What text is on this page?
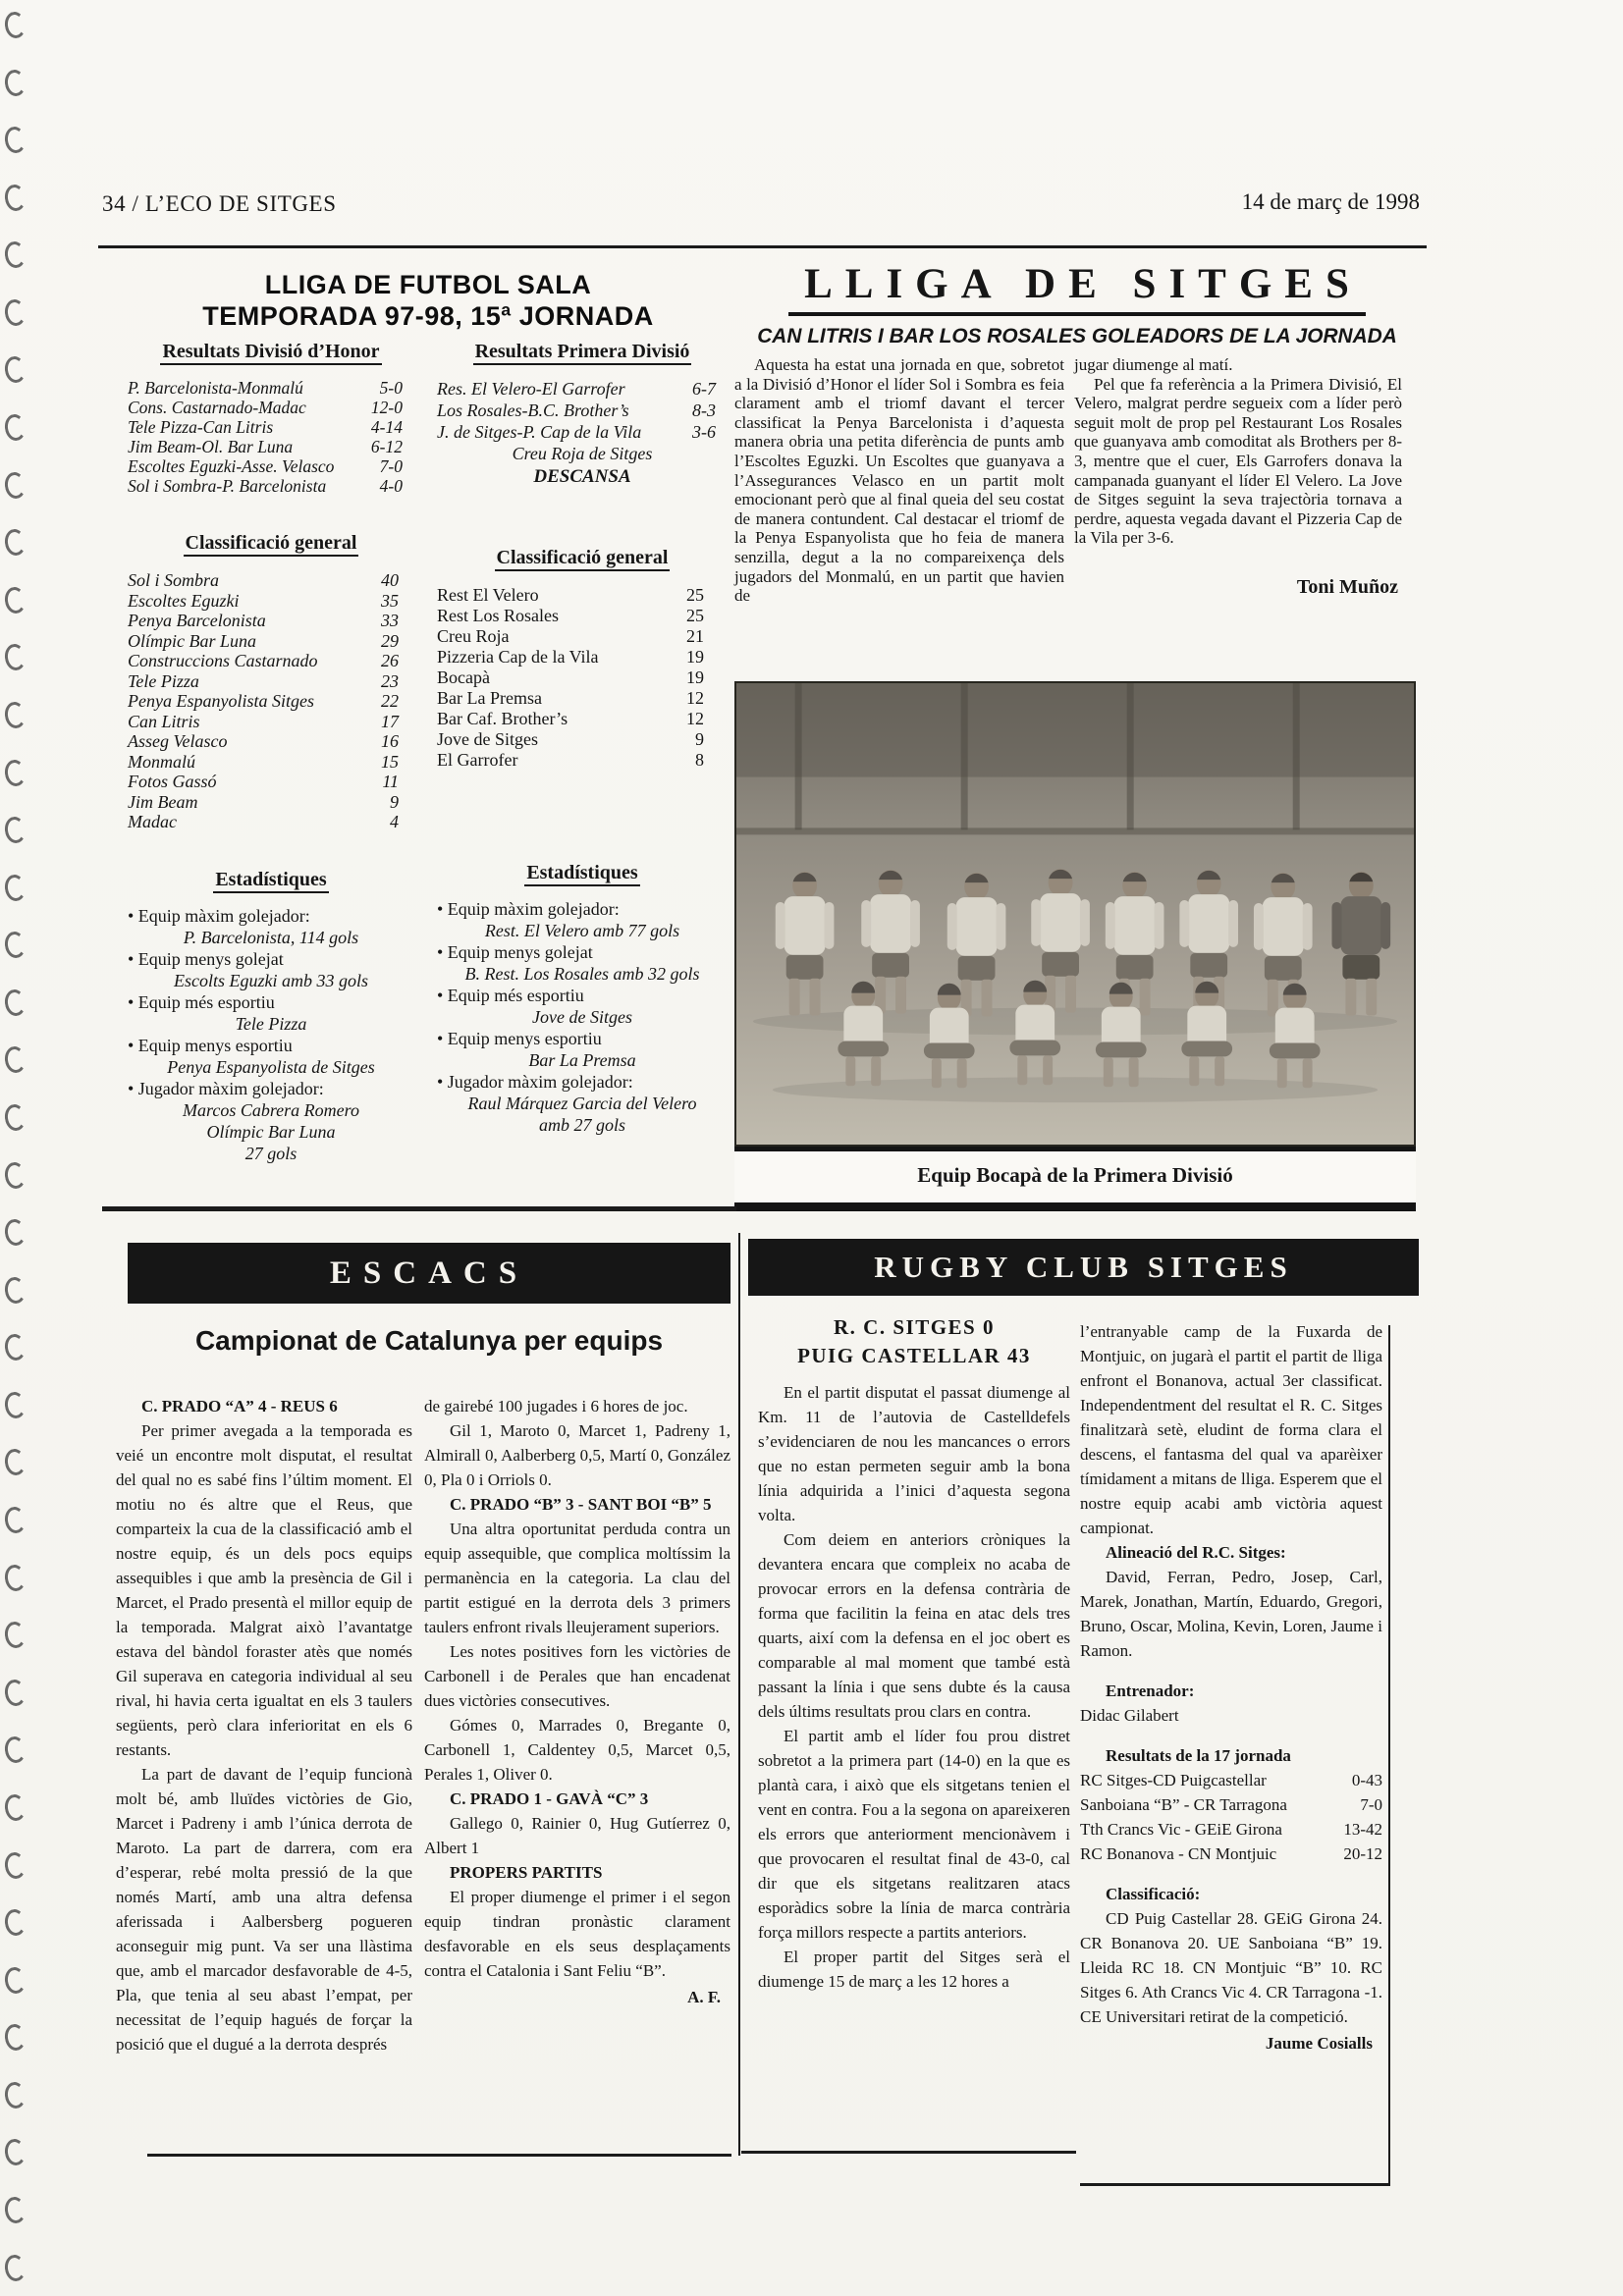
34 / L’ECO DE SITGES	14 de març de 1998
LLIGA DE FUTBOL SALA
TEMPORADA 97-98, 15ª JORNADA
Resultats Divisió d’Honor
P. Barcelonista-Monmalú	5-0
Cons. Castarnado-Madac	12-0
Tele Pizza-Can Litris	4-14
Jim Beam-Ol. Bar Luna	6-12
Escoltes Eguzki-Asse. Velasco	7-0
Sol i Sombra-P. Barcelonista	4-0
Classificació general
Sol i Sombra	40
Escoltes Eguzki	35
Penya Barcelonista	33
Olímpic Bar Luna	29
Construccions Castarnado	26
Tele Pizza	23
Penya Espanyolista Sitges	22
Can Litris	17
Asseg Velasco	16
Monmalú	15
Fotos Gassó	11
Jim Beam	9
Madac	4
Estadístiques
• Equip màxim golejador:
P. Barcelonista, 114 gols
• Equip menys golejat
Escolts Eguzki amb 33 gols
• Equip més esportiu
Tele Pizza
• Equip menys esportiu
Penya Espanyolista de Sitges
• Jugador màxim golejador:
Marcos Cabrera Romero
Olímpic Bar Luna
27 gols
Resultats Primera Divisió
Res. El Velero-El Garrofer	6-7
Los Rosales-B.C. Brother’s	8-3
J. de Sitges-P. Cap de la Vila	3-6
Creu Roja de Sitges
DESCANSA
Classificació general
Rest El Velero	25
Rest Los Rosales	25
Creu Roja	21
Pizzeria Cap de la Vila	19
Bocapà	19
Bar La Premsa	12
Bar Caf. Brother’s	12
Jove de Sitges	9
El Garrofer	8
Estadístiques
• Equip màxim golejador:
Rest. El Velero amb 77 gols
• Equip menys golejat
B. Rest. Los Rosales amb 32 gols
• Equip més esportiu
Jove de Sitges
• Equip menys esportiu
Bar La Premsa
• Jugador màxim golejador:
Raul Márquez Garcia del Velero
amb 27 gols
LLIGA DE SITGES
CAN LITRIS I BAR LOS ROSALES GOLEADORS DE LA JORNADA

Aquesta ha estat una jornada en que, sobretot a la Divisió d’Honor el líder Sol i Sombra es feia clarament amb el triomf davant el tercer classificat la Penya Barcelonista i d’aquesta manera obria una petita diferència de punts amb l’Escoltes Eguzki. Un Escoltes que guanyava a l’Assegurances Velasco en un partit molt emocionant però que al final queia del seu costat de manera contundent. Cal destacar el triomf de la Penya Espanyolista que ho feia de manera senzilla, degut a la no compareixença dels jugadors del Monmalú, en un partit que havien de

jugar diumenge al matí.

Pel que fa referència a la Primera Divisió, El Velero, malgrat perdre segueix com a líder però seguit molt de prop pel Restaurant Los Rosales que guanyava amb comoditat als Brothers per 8-3, mentre que el cuer, Els Garrofers donava la campanada guanyant el líder El Velero. La Jove de Sitges seguint la seva trajectòria tornava a perdre, aquesta vegada davant el Pizzeria Cap de la Vila per 3-6.

Toni Muñoz
Equip Bocapà de la Primera Divisió
ESCACS
Campionat de Catalunya per equips

C. PRADO “A” 4 - REUS 6

Per primer avegada a la temporada es veié un encontre molt disputat, el resultat del qual no es sabé fins l’últim moment. El motiu no és altre que el Reus, que comparteix la cua de la classificació amb el nostre equip, és un dels pocs equips assequibles i que amb la presència de Gil i Marcet, el Prado presentà el millor equip de la temporada. Malgrat això l’avantatge estava del bàndol foraster atès que només Gil superava en categoria individual al seu rival, hi havia certa igualtat en els 3 taulers següents, però clara inferioritat en els 6 restants.

La part de davant de l’equip funcionà molt bé, amb lluïdes victòries de Gio, Marcet i Padreny i amb l’única derrota de Maroto. La part de darrera, com era d’esperar, rebé molta pressió de la que només Martí, amb una altra defensa aferissada i Aalbersberg pogueren aconseguir mig punt. Va ser una llàstima que, amb el marcador desfavorable de 4-5, Pla, que tenia al seu abast l’empat, per necessitat de l’equip hagués de forçar la posició que el dugué a la derrota després

de gairebé 100 jugades i 6 hores de joc.

Gil 1, Maroto 0, Marcet 1, Padreny 1, Almirall 0, Aalberberg 0,5, Martí 0, González 0, Pla 0 i Orriols 0.

C. PRADO “B” 3 - SANT BOI “B” 5

Una altra oportunitat perduda contra un equip assequible, que complica moltíssim la permanència en la categoria. La clau del partit estigué en la derrota dels 3 primers taulers enfront rivals lleujerament superiors.

Les notes positives forn les victòries de Carbonell i de Perales que han encadenat dues victòries consecutives.

Gómes 0, Marrades 0, Bregante 0, Carbonell 1, Caldentey 0,5, Marcet 0,5, Perales 1, Oliver 0.

C. PRADO 1 - GAVÀ “C” 3

Gallego 0, Rainier 0, Hug Gutíerrez 0, Albert 1

PROPERS PARTITS

El proper diumenge el primer i el segon equip tindran pronàstic clarament desfavorable en els seus desplaçaments contra el Catalonia i Sant Feliu “B”.

A. F.

RUGBY CLUB SITGES
R. C. SITGES 0
PUIG CASTELLAR 43

En el partit disputat el passat diumenge al Km. 11 de l’autovia de Castelldefels s’evidenciaren de nou les mancances o errors que no estan permeten seguir amb la bona línia adquirida a l’inici d’aquesta segona volta.

Com deiem en anteriors cròniques la devantera encara que compleix no acaba de provocar errors en la defensa contrària de forma que facilitin la feina en atac dels tres quarts, així com la defensa en el joc obert es comparable al mal moment que també està passant la línia i que sens dubte és la causa dels últims resultats prou clars en contra.

El partit amb el líder fou prou distret sobretot a la primera part (14-0) en la que es plantà cara, i això que els sitgetans tenien el vent en contra. Fou a la segona on apareixeren els errors que anteriorment mencionàvem i que provocaren el resultat final de 43-0, cal dir que els sitgetans realitzaren atacs esporàdics sobre la línia de marca contrària força millors respecte a partits anteriors.

El proper partit del Sitges serà el diumenge 15 de març a les 12 hores a

l’entranyable camp de la Fuxarda de Montjuic, on jugarà el partit el partit de lliga enfront el Bonanova, actual 3er classificat. Independentment del resultat el R. C. Sitges finalitzarà setè, eludint de forma clara el descens, el fantasma del qual va aparèixer tímidament a mitans de lliga. Esperem que el nostre equip acabi amb victòria aquest campionat.

Alineació del R.C. Sitges:

David, Ferran, Pedro, Josep, Carl, Marek, Jonathan, Martín, Eduardo, Gregori, Bruno, Oscar, Molina, Kevin, Loren, Jaume i Ramon.

Entrenador:

Didac Gilabert

Resultats de la 17 jornada

RC Sitges-CD Puigcastellar	0-43
Sanboiana “B” - CR Tarragona	7-0
Tth Crancs Vic - GEiE Girona	13-42
RC Bonanova - CN Montjuic	20-12

Classificació:

CD Puig Castellar 28. GEiG Girona 24. CR Bonanova 20. UE Sanboiana “B” 19. Lleida RC 18. CN Montjuic “B” 10. RC Sitges 6. Ath Crancs Vic 4. CR Tarragona -1. CE Universitari retirat de la competició.

Jaume Cosialls
